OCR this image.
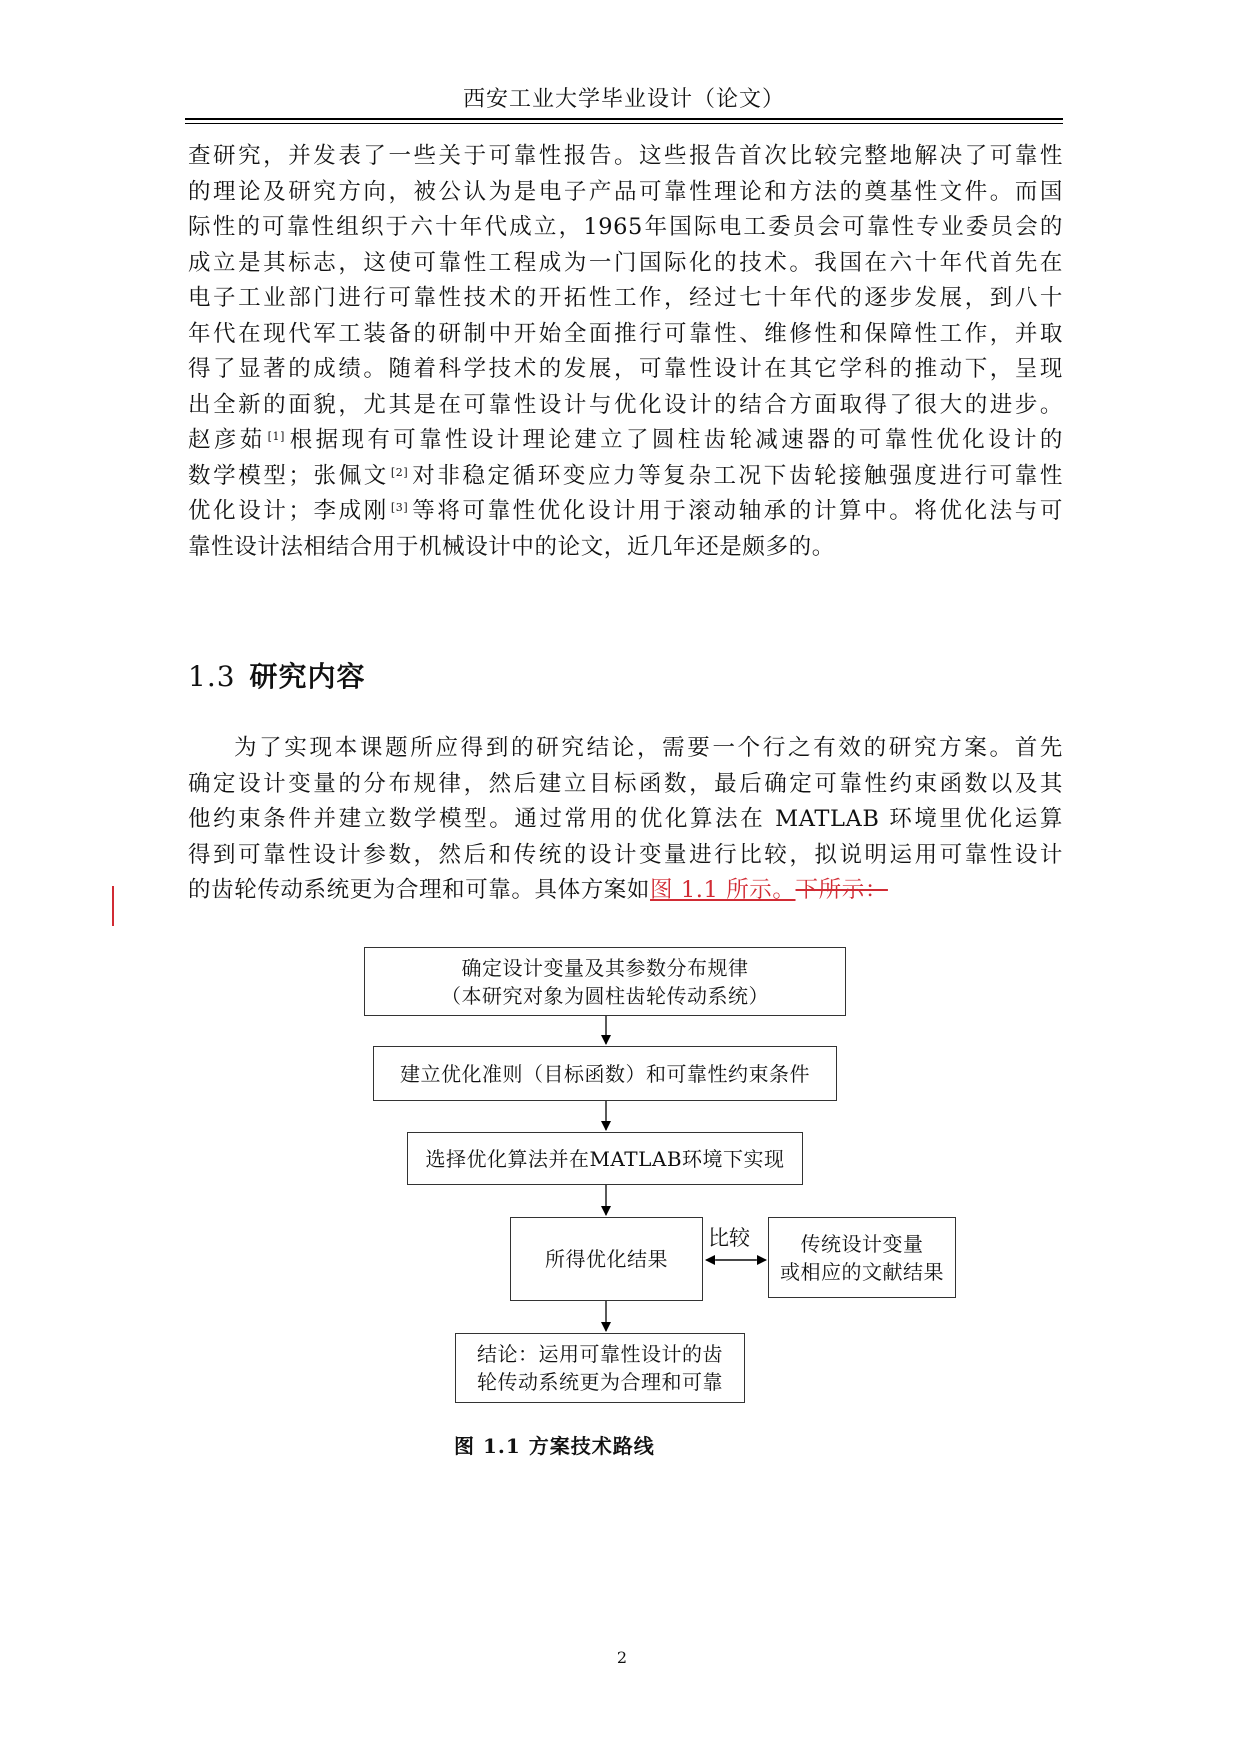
西安工业大学毕业设计（论文）
查研究，并发表了一些关于可靠性报告。这些报告首次比较完整地解决了可靠性
的理论及研究方向，被公认为是电子产品可靠性理论和方法的奠基性文件。而国
际性的可靠性组织于六十年代成立，1965年国际电工委员会可靠性专业委员会的
成立是其标志，这使可靠性工程成为一门国际化的技术。我国在六十年代首先在
电子工业部门进行可靠性技术的开拓性工作，经过七十年代的逐步发展，到八十
年代在现代军工装备的研制中开始全面推行可靠性、维修性和保障性工作，并取
得了显著的成绩。随着科学技术的发展，可靠性设计在其它学科的推动下，呈现
出全新的面貌，尤其是在可靠性设计与优化设计的结合方面取得了很大的进步。
赵彦茹 [1]根据现有可靠性设计理论建立了圆柱齿轮减速器的可靠性优化设计的
数学模型；张佩文 [2]对非稳定循环变应力等复杂工况下齿轮接触强度进行可靠性
优化设计；李成刚 [3]等将可靠性优化设计用于滚动轴承的计算中。将优化法与可
靠性设计法相结合用于机械设计中的论文，近几年还是颇多的。
1.3 研究内容
为了实现本课题所应得到的研究结论，需要一个行之有效的研究方案。首先
确定设计变量的分布规律，然后建立目标函数，最后确定可靠性约束函数以及其
他约束条件并建立数学模型。通过常用的优化算法在 MATLAB 环境里优化运算
得到可靠性设计参数，然后和传统的设计变量进行比较，拟说明运用可靠性设计
的齿轮传动系统更为合理和可靠。具体方案如图 1.1 所示。下所示：
确定设计变量及其参数分布规律
（本研究对象为圆柱齿轮传动系统）
建立优化准则（目标函数）和可靠性约束条件
选择优化算法并在MATLAB环境下实现
所得优化结果
比较	传统设计变量
或相应的文献结果
结论：运用可靠性设计的齿
轮传动系统更为合理和可靠
图 1.1 方案技术路线
2
